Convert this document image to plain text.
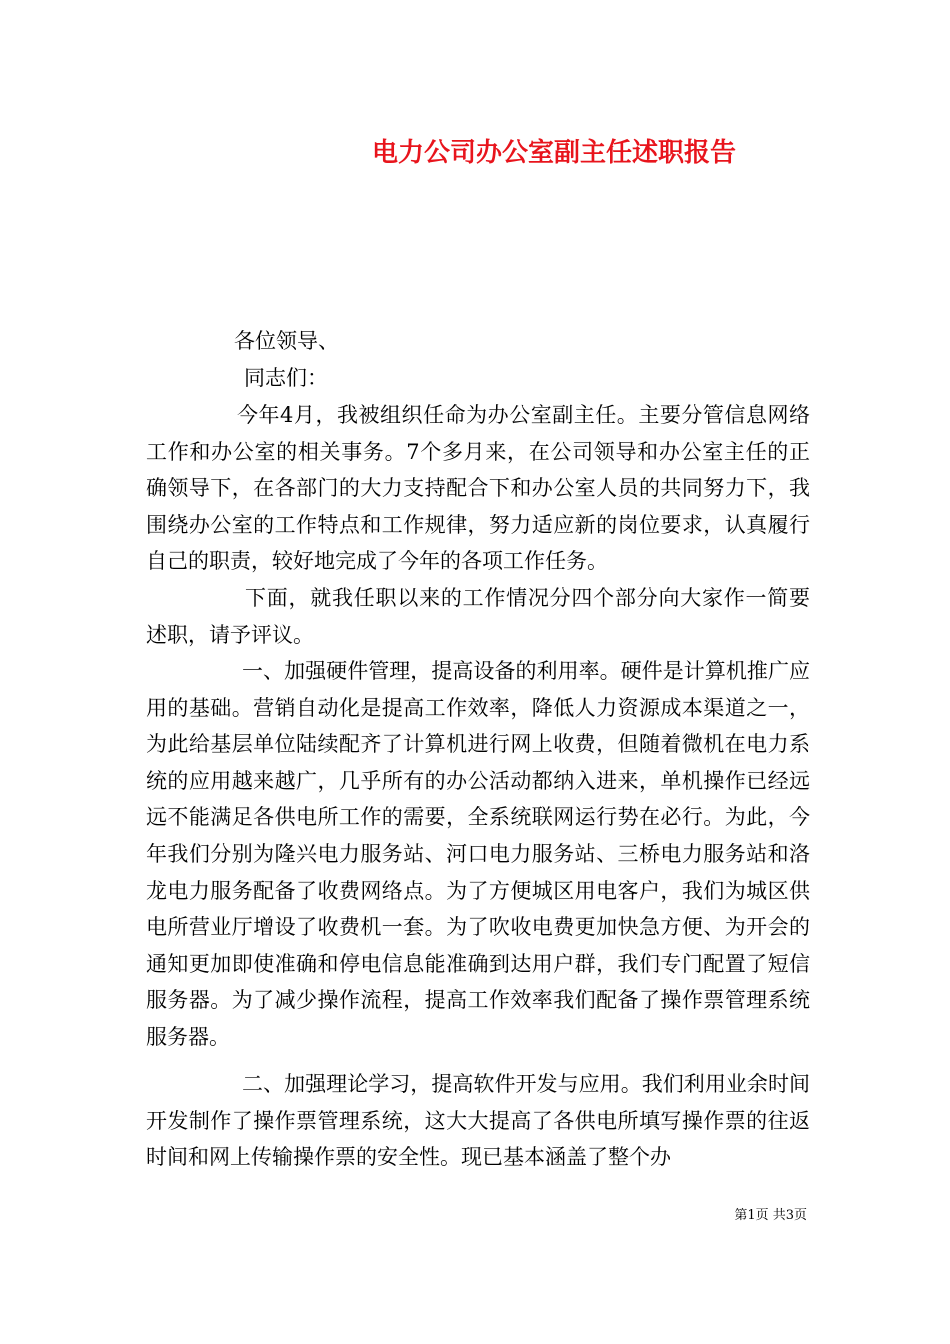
电力公司办公室副主任述职报告
各位领导、
同志们：

今年4月，我被组织任命为办公室副主任。主要分管信息网络工作和办公室的相关事务。7个多月来，在公司领导和办公室主任的正确领导下，在各部门的大力支持配合下和办公室人员的共同努力下，我围绕办公室的工作特点和工作规律，努力适应新的岗位要求，认真履行自己的职责，较好地完成了今年的各项工作任务。

下面，就我任职以来的工作情况分四个部分向大家作一简要述职，请予评议。

一、加强硬件管理，提高设备的利用率。硬件是计算机推广应用的基础。营销自动化是提高工作效率，降低人力资源成本渠道之一，为此给基层单位陆续配齐了计算机进行网上收费，但随着微机在电力系统的应用越来越广，几乎所有的办公活动都纳入进来，单机操作已经远远不能满足各供电所工作的需要，全系统联网运行势在必行。为此，今年我们分别为隆兴电力服务站、河口电力服务站、三桥电力服务站和洛龙电力服务配备了收费网络点。为了方便城区用电客户，我们为城区供电所营业厅增设了收费机一套。为了吹收电费更加快急方便、为开会的通知更加即使准确和停电信息能准确到达用户群，我们专门配置了短信服务器。为了减少操作流程，提高工作效率我们配备了操作票管理系统服务器。

二、加强理论学习，提高软件开发与应用。我们利用业余时间开发制作了操作票管理系统，这大大提高了各供电所填写操作票的往返时间和网上传输操作票的安全性。现已基本涵盖了整个办

第1页 共3页
